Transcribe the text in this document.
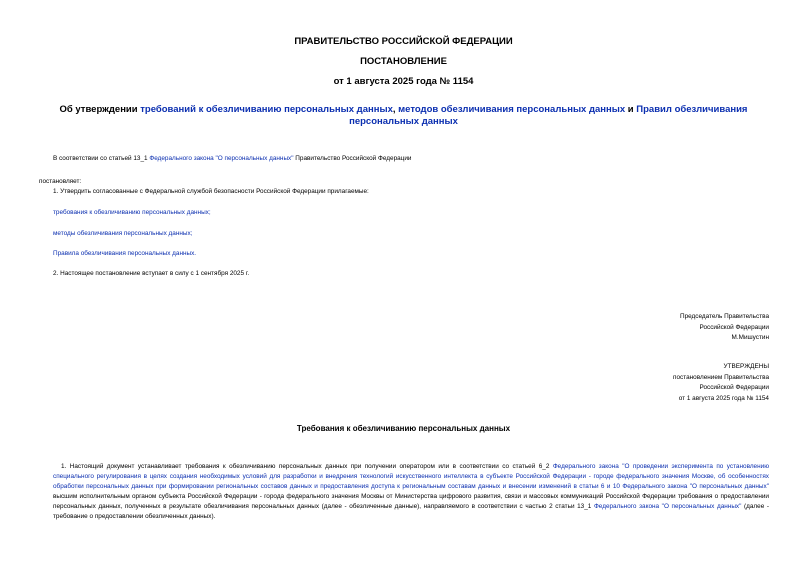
ПРАВИТЕЛЬСТВО РОССИЙСКОЙ ФЕДЕРАЦИИ
ПОСТАНОВЛЕНИЕ
от 1 августа 2025 года № 1154
Об утверждении требований к обезличиванию персональных данных, методов обезличивания персональных данных и Правил обезличивания персональных данных
В соответствии со статьей 13_1 Федерального закона "О персональных данных" Правительство Российской Федерации
постановляет:
1. Утвердить согласованные с Федеральной службой безопасности Российской Федерации прилагаемые:
требования к обезличиванию персональных данных;
методы обезличивания персональных данных;
Правила обезличивания персональных данных.
2. Настоящее постановление вступает в силу с 1 сентября 2025 г.
Председатель Правительства
Российской Федерации
М.Мишустин
УТВЕРЖДЕНЫ
постановлением Правительства
Российской Федерации
от 1 августа 2025 года № 1154
Требования к обезличиванию персональных данных
1. Настоящий документ устанавливает требования к обезличиванию персональных данных при получении оператором или в соответствии со статьей 6_2 Федерального закона "О проведении эксперимента по установлению специального регулирования в целях создания необходимых условий для разработки и внедрения технологий искусственного интеллекта в субъекте Российской Федерации - городе федерального значения Москве, об особенностях обработки персональных данных при формировании региональных составов данных и предоставления доступа к региональным составам данных и внесении изменений в статьи 6 и 10 Федерального закона "О персональных данных" высшим исполнительным органом субъекта Российской Федерации - города федерального значения Москвы от Министерства цифрового развития, связи и массовых коммуникаций Российской Федерации требования о предоставлении персональных данных, полученных в результате обезличивания персональных данных (далее - обезличенные данные), направляемого в соответствии с частью 2 статьи 13_1 Федерального закона "О персональных данных" (далее - требование о предоставлении обезличенных данных).
